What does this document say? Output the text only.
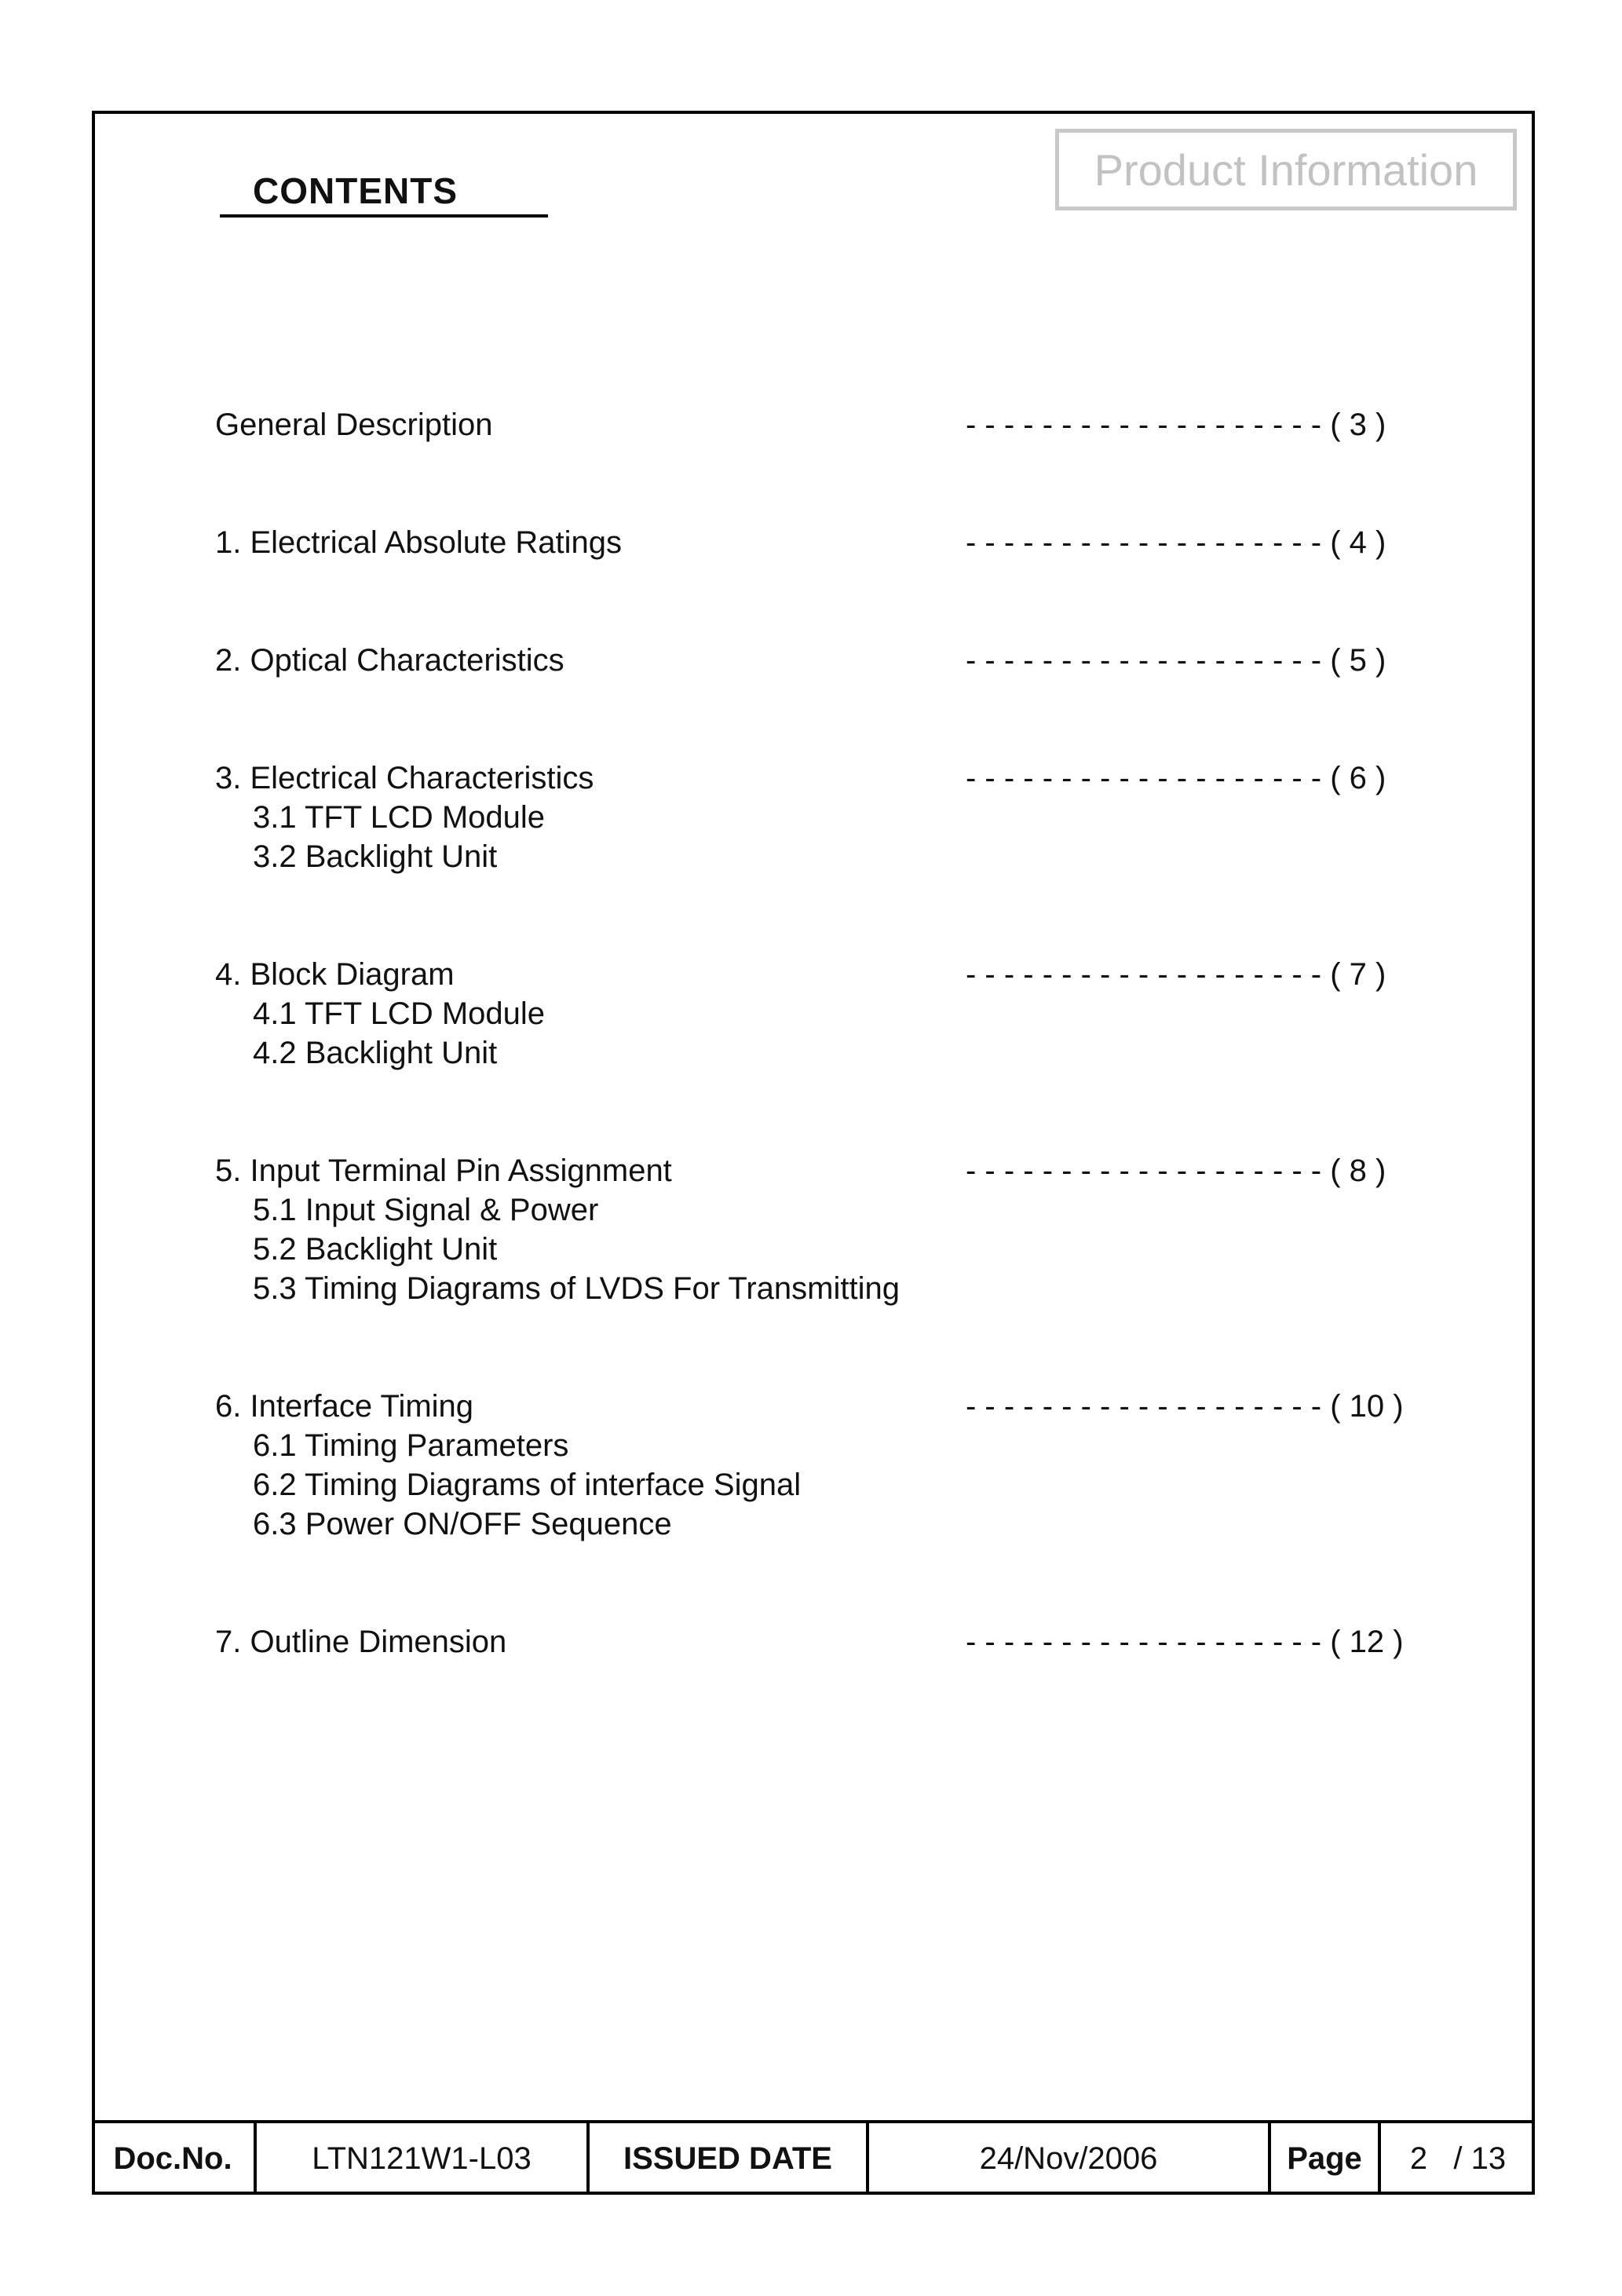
CONTENTS	Product Information
General Description	- - - - - - - - - - - - - - - - - - - ( 3 )
1. Electrical Absolute Ratings	- - - - - - - - - - - - - - - - - - - ( 4 )
2. Optical Characteristics	- - - - - - - - - - - - - - - - - - - ( 5 )
3. Electrical Characteristics	- - - - - - - - - - - - - - - - - - - ( 6 )
3.1 TFT LCD Module
3.2 Backlight Unit
4. Block Diagram	- - - - - - - - - - - - - - - - - - - ( 7 )
4.1 TFT LCD Module
4.2 Backlight Unit
5. Input Terminal Pin Assignment	- - - - - - - - - - - - - - - - - - - ( 8 )
5.1 Input Signal & Power
5.2 Backlight Unit
5.3 Timing Diagrams of LVDS For Transmitting
6. Interface Timing	- - - - - - - - - - - - - - - - - - - ( 10 )
6.1 Timing Parameters
6.2 Timing Diagrams of interface Signal
6.3 Power ON/OFF Sequence
7. Outline Dimension	- - - - - - - - - - - - - - - - - - - ( 12 )
Doc.No.	LTN121W1-L03	ISSUED DATE	24/Nov/2006	Page	2   / 13
